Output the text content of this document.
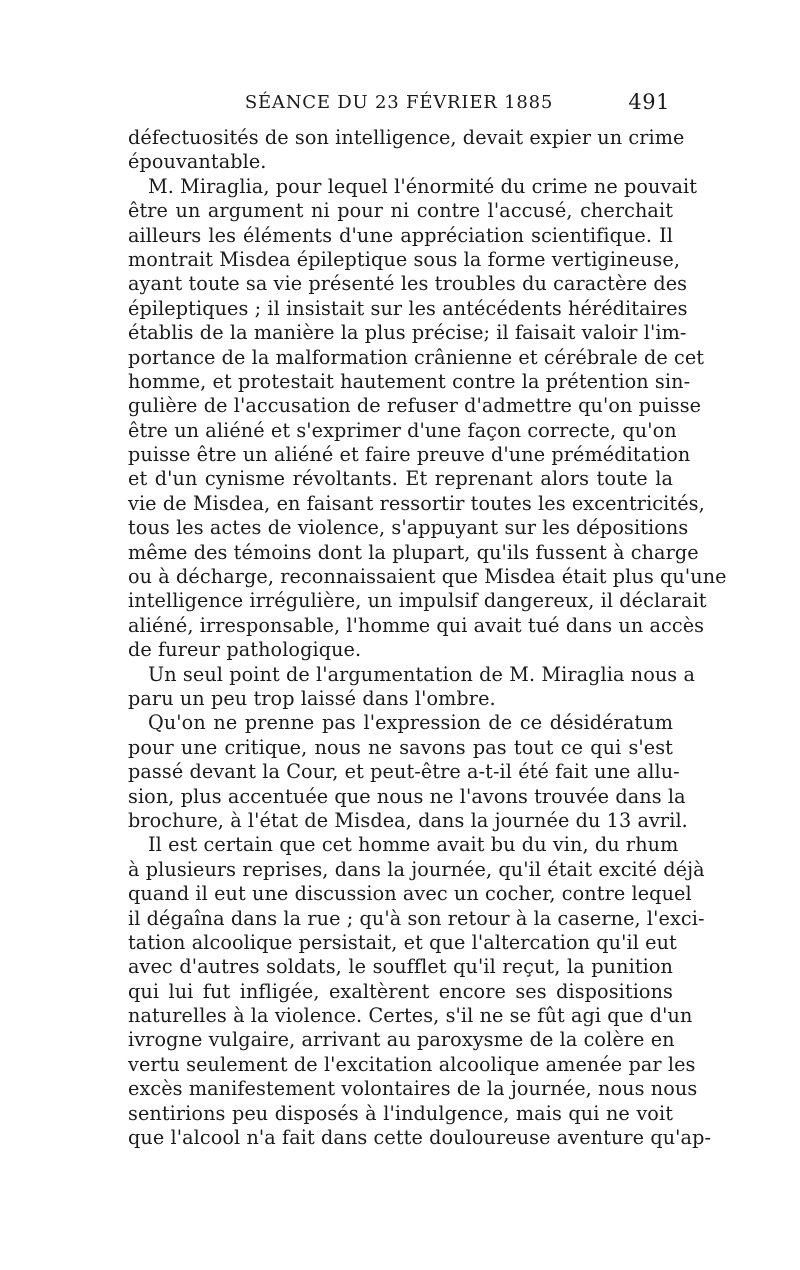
SÉANCE DU 23 FÉVRIER 1885	491
défectuosités de son intelligence, devait expier un crime
épouvantable.
M. Miraglia, pour lequel l'énormité du crime ne pouvait
être un argument ni pour ni contre l'accusé, cherchait
ailleurs les éléments d'une appréciation scientifique. Il
montrait Misdea épileptique sous la forme vertigineuse,
ayant toute sa vie présenté les troubles du caractère des
épileptiques ; il insistait sur les antécédents héréditaires
établis de la manière la plus précise; il faisait valoir l'im-
portance de la malformation crânienne et cérébrale de cet
homme, et protestait hautement contre la prétention sin-
gulière de l'accusation de refuser d'admettre qu'on puisse
être un aliéné et s'exprimer d'une façon correcte, qu'on
puisse être un aliéné et faire preuve d'une préméditation
et d'un cynisme révoltants. Et reprenant alors toute la
vie de Misdea, en faisant ressortir toutes les excentricités,
tous les actes de violence, s'appuyant sur les dépositions
même des témoins dont la plupart, qu'ils fussent à charge
ou à décharge, reconnaissaient que Misdea était plus qu'une
intelligence irrégulière, un impulsif dangereux, il déclarait
aliéné, irresponsable, l'homme qui avait tué dans un accès
de fureur pathologique.
Un seul point de l'argumentation de M. Miraglia nous a
paru un peu trop laissé dans l'ombre.
Qu'on ne prenne pas l'expression de ce désidératum
pour une critique, nous ne savons pas tout ce qui s'est
passé devant la Cour, et peut-être a-t-il été fait une allu-
sion, plus accentuée que nous ne l'avons trouvée dans la
brochure, à l'état de Misdea, dans la journée du 13 avril.
Il est certain que cet homme avait bu du vin, du rhum
à plusieurs reprises, dans la journée, qu'il était excité déjà
quand il eut une discussion avec un cocher, contre lequel
il dégaîna dans la rue ; qu'à son retour à la caserne, l'exci-
tation alcoolique persistait, et que l'altercation qu'il eut
avec d'autres soldats, le soufflet qu'il reçut, la punition
qui lui fut infligée, exaltèrent encore ses dispositions
naturelles à la violence. Certes, s'il ne se fût agi que d'un
ivrogne vulgaire, arrivant au paroxysme de la colère en
vertu seulement de l'excitation alcoolique amenée par les
excès manifestement volontaires de la journée, nous nous
sentirions peu disposés à l'indulgence, mais qui ne voit
que l'alcool n'a fait dans cette douloureuse aventure qu'ap-
